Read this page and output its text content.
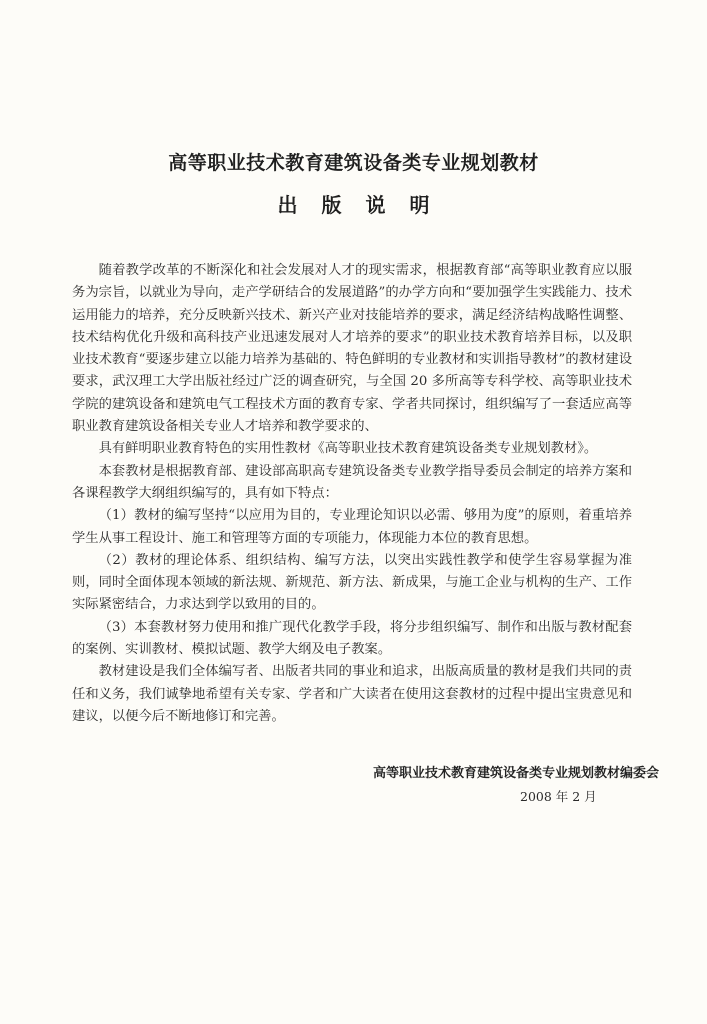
高等职业技术教育建筑设备类专业规划教材
出版说明

随着教学改革的不断深化和社会发展对人才的现实需求，根据教育部“高等职业教育应以服务为宗旨，以就业为导向，走产学研结合的发展道路”的办学方向和“要加强学生实践能力、技术运用能力的培养，充分反映新兴技术、新兴产业对技能培养的要求，满足经济结构战略性调整、技术结构优化升级和高科技产业迅速发展对人才培养的要求”的职业技术教育培养目标，以及职业技术教育“要逐步建立以能力培养为基础的、特色鲜明的专业教材和实训指导教材”的教材建设要求，武汉理工大学出版社经过广泛的调查研究，与全国 20 多所高等专科学校、高等职业技术学院的建筑设备和建筑电气工程技术方面的教育专家、学者共同探讨，组织编写了一套适应高等职业教育建筑设备相关专业人才培养和教学要求的、

具有鲜明职业教育特色的实用性教材《高等职业技术教育建筑设备类专业规划教材》。

本套教材是根据教育部、建设部高职高专建筑设备类专业教学指导委员会制定的培养方案和各课程教学大纲组织编写的，具有如下特点：

（1）教材的编写坚持“以应用为目的，专业理论知识以必需、够用为度”的原则，着重培养学生从事工程设计、施工和管理等方面的专项能力，体现能力本位的教育思想。

（2）教材的理论体系、组织结构、编写方法，以突出实践性教学和使学生容易掌握为准则，同时全面体现本领域的新法规、新规范、新方法、新成果，与施工企业与机构的生产、工作实际紧密结合，力求达到学以致用的目的。

（3）本套教材努力使用和推广现代化教学手段，将分步组织编写、制作和出版与教材配套的案例、实训教材、模拟试题、教学大纲及电子教案。

教材建设是我们全体编写者、出版者共同的事业和追求，出版高质量的教材是我们共同的责任和义务，我们诚挚地希望有关专家、学者和广大读者在使用这套教材的过程中提出宝贵意见和建议，以便今后不断地修订和完善。

高等职业技术教育建筑设备类专业规划教材编委会
2008 年 2 月
